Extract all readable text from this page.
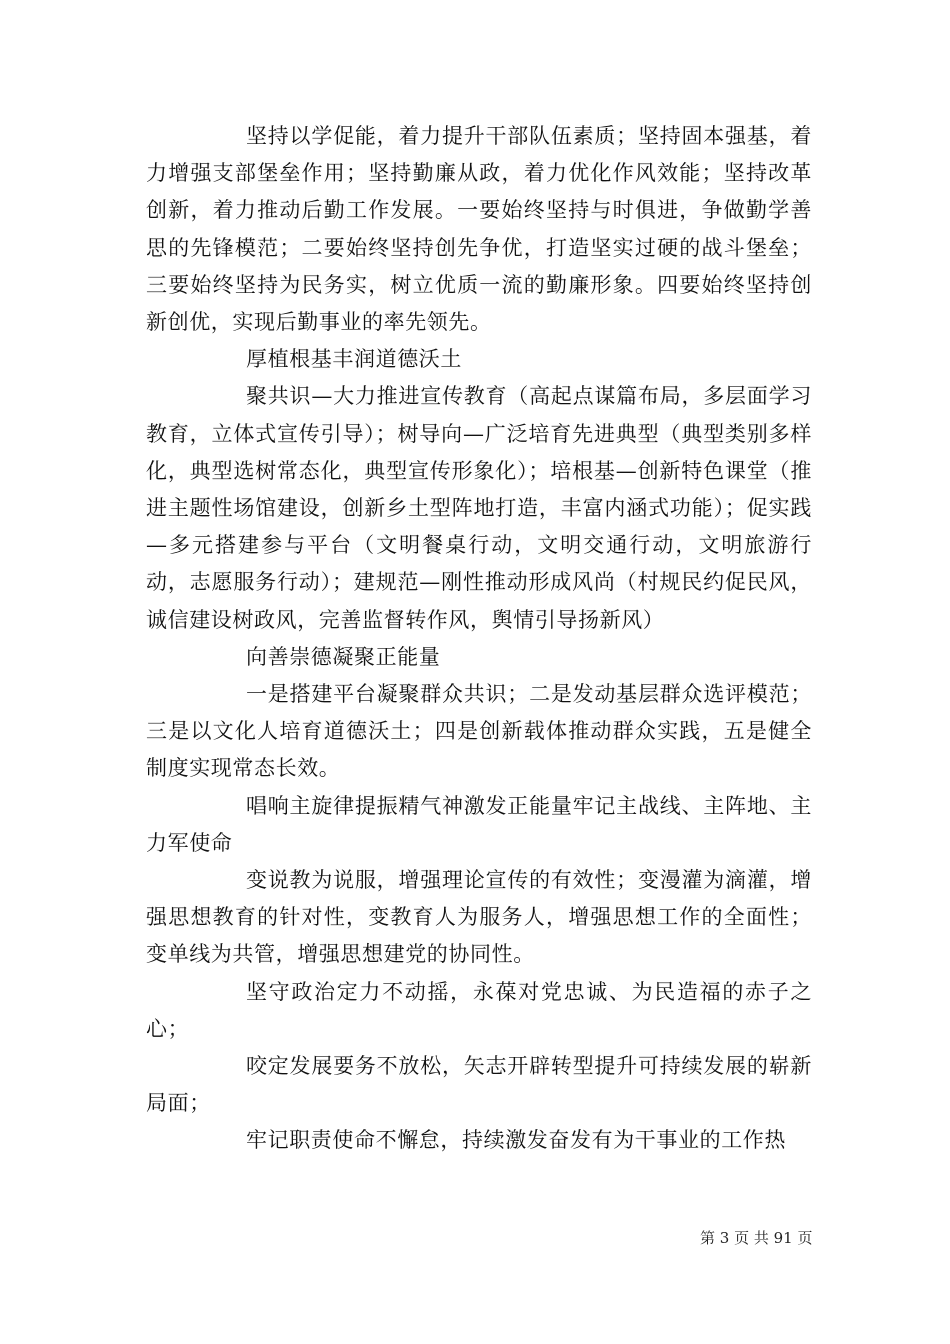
坚持以学促能，着力提升干部队伍素质；坚持固本强基，着力增强支部堡垒作用；坚持勤廉从政，着力优化作风效能；坚持改革创新，着力推动后勤工作发展。一要始终坚持与时俱进，争做勤学善思的先锋模范；二要始终坚持创先争优，打造坚实过硬的战斗堡垒；三要始终坚持为民务实，树立优质一流的勤廉形象。四要始终坚持创新创优，实现后勤事业的率先领先。

厚植根基丰润道德沃土

聚共识—大力推进宣传教育（高起点谋篇布局，多层面学习教育，立体式宣传引导）；树导向—广泛培育先进典型（典型类别多样化，典型选树常态化，典型宣传形象化）；培根基—创新特色课堂（推进主题性场馆建设，创新乡土型阵地打造，丰富内涵式功能）；促实践—多元搭建参与平台（文明餐桌行动，文明交通行动，文明旅游行动，志愿服务行动）；建规范—刚性推动形成风尚（村规民约促民风，诚信建设树政风，完善监督转作风，舆情引导扬新风）

向善崇德凝聚正能量

一是搭建平台凝聚群众共识；二是发动基层群众选评模范；三是以文化人培育道德沃土；四是创新载体推动群众实践，五是健全制度实现常态长效。

唱响主旋律提振精气神激发正能量牢记主战线、主阵地、主力军使命

变说教为说服，增强理论宣传的有效性；变漫灌为滴灌，增强思想教育的针对性，变教育人为服务人，增强思想工作的全面性；变单线为共管，增强思想建党的协同性。

坚守政治定力不动摇，永葆对党忠诚、为民造福的赤子之心；

咬定发展要务不放松，矢志开辟转型提升可持续发展的崭新局面；

牢记职责使命不懈怠，持续激发奋发有为干事业的工作热

第 3 页 共 91 页
